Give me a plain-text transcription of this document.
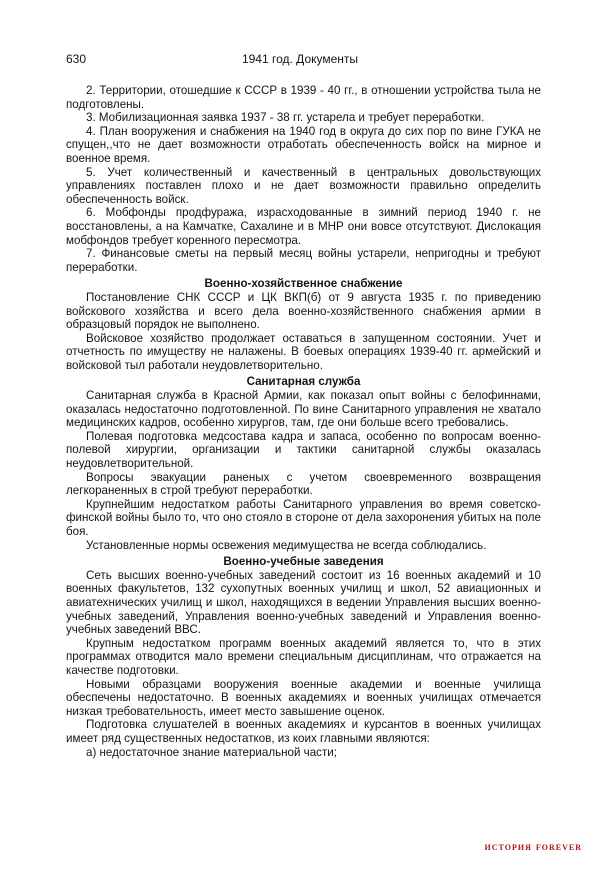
630	1941 год. Документы

2. Территории, отошедшие к СССР в 1939 - 40 гг., в отношении устройства тыла не подготовлены.

3. Мобилизационная заявка 1937 - 38 гг. устарела и требует переработки.

4. План вооружения и снабжения на 1940 год в округа до сих пор по вине ГУКА не спущен,,что не дает возможности отработать обеспеченность войск на мирное и военное время.

5. Учет количественный и качественный в центральных довольствующих управлениях поставлен плохо и не дает возможности правильно определить обеспеченность войск.

6. Мобфонды продфуража, израсходованные в зимний период 1940 г. не восстановлены, а на Камчатке, Сахалине и в МНР они вовсе отсутствуют. Дислокация мобфондов требует коренного пересмотра.

7. Финансовые сметы на первый месяц войны устарели, непригодны и требуют переработки.

Военно-хозяйственное снабжение

Постановление СНК СССР и ЦК ВКП(б) от 9 августа 1935 г. по приведению войскового хозяйства и всего дела военно-хозяйственного снабжения армии в образцовый порядок не выполнено.

Войсковое хозяйство продолжает оставаться в запущенном состоянии. Учет и отчетность по имуществу не налажены. В боевых операциях 1939-40 гг. армейский и войсковой тыл работали неудовлетворительно.

Санитарная служба

Санитарная служба в Красной Армии, как показал опыт войны с белофиннами, оказалась недостаточно подготовленной. По вине Санитарного управления не хватало медицинских кадров, особенно хирургов, там, где они больше всего требовались.

Полевая подготовка медсостава кадра и запаса, особенно по вопросам военно-полевой хирургии, организации и тактики санитарной службы оказалась неудовлетворительной.

Вопросы эвакуации раненых с учетом своевременного возвращения легкораненных в строй требуют переработки.

Крупнейшим недостатком работы Санитарного управления во время советско-финской войны было то, что оно стояло в стороне от дела захоронения убитых на поле боя.

Установленные нормы освежения медимущества не всегда соблюдались.

Военно-учебные заведения

Сеть высших военно-учебных заведений состоит из 16 военных академий и 10 военных факультетов, 132 сухопутных военных училищ и школ, 52 авиационных и авиатехнических училищ и школ, находящихся в ведении Управления высших военно-учебных заведений, Управления военно-учебных заведений и Управления военно-учебных заведений ВВС.

Крупным недостатком программ военных академий является то, что в этих программах отводится мало времени специальным дисциплинам, что отражается на качестве подготовки.

Новыми образцами вооружения военные академии и военные училища обеспечены недостаточно. В военных академиях и военных училищах отмечается низкая требовательность, имеет место завышение оценок.

Подготовка слушателей в военных академиях и курсантов в военных училищах имеет ряд существенных недостатков, из коих главными являются:

а) недостаточное знание материальной части;

история forever
